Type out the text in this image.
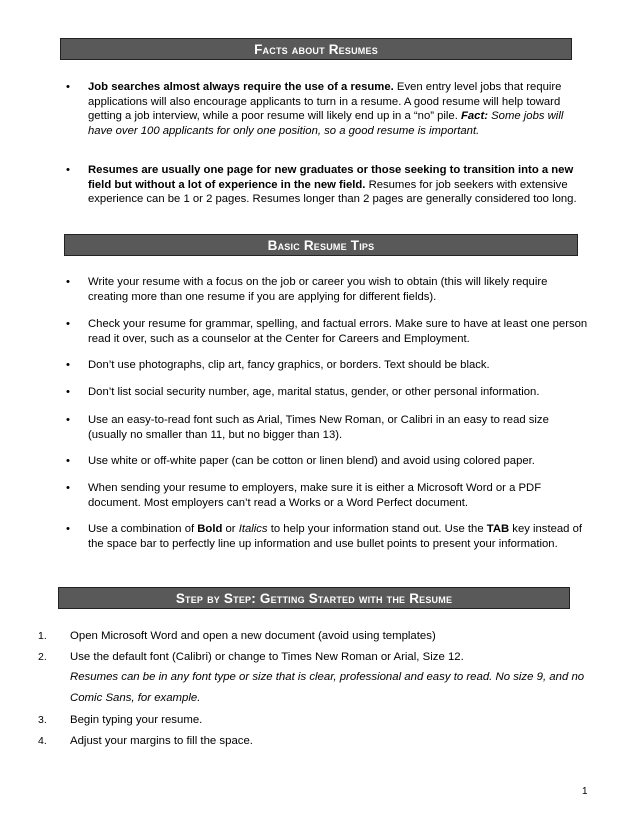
Facts about Resumes
•	Job searches almost always require the use of a resume. Even entry level jobs that require applications will also encourage applicants to turn in a resume. A good resume will help toward getting a job interview, while a poor resume will likely end up in a “no” pile. Fact: Some jobs will have over 100 applicants for only one position, so a good resume is important.
•	Resumes are usually one page for new graduates or those seeking to transition into a new field but without a lot of experience in the new field. Resumes for job seekers with extensive experience can be 1 or 2 pages. Resumes longer than 2 pages are generally considered too long.
Basic Resume Tips
•	Write your resume with a focus on the job or career you wish to obtain (this will likely require creating more than one resume if you are applying for different fields).
•	Check your resume for grammar, spelling, and factual errors. Make sure to have at least one person read it over, such as a counselor at the Center for Careers and Employment.
•	Don’t use photographs, clip art, fancy graphics, or borders. Text should be black.
•	Don’t list social security number, age, marital status, gender, or other personal information.
•	Use an easy-to-read font such as Arial, Times New Roman, or Calibri in an easy to read size (usually no smaller than 11, but no bigger than 13).
•	Use white or off-white paper (can be cotton or linen blend) and avoid using colored paper.
•	When sending your resume to employers, make sure it is either a Microsoft Word or a PDF document. Most employers can’t read a Works or a Word Perfect document.
•	Use a combination of Bold or Italics to help your information stand out. Use the TAB key instead of the space bar to perfectly line up information and use bullet points to present your information.
Step by Step: Getting Started with the Resume
1.	Open Microsoft Word and open a new document (avoid using templates)
2.	Use the default font (Calibri) or change to Times New Roman or Arial, Size 12.
Resumes can be in any font type or size that is clear, professional and easy to read. No size 9, and no Comic Sans, for example.
3.	Begin typing your resume.
4.	Adjust your margins to fill the space.
1
